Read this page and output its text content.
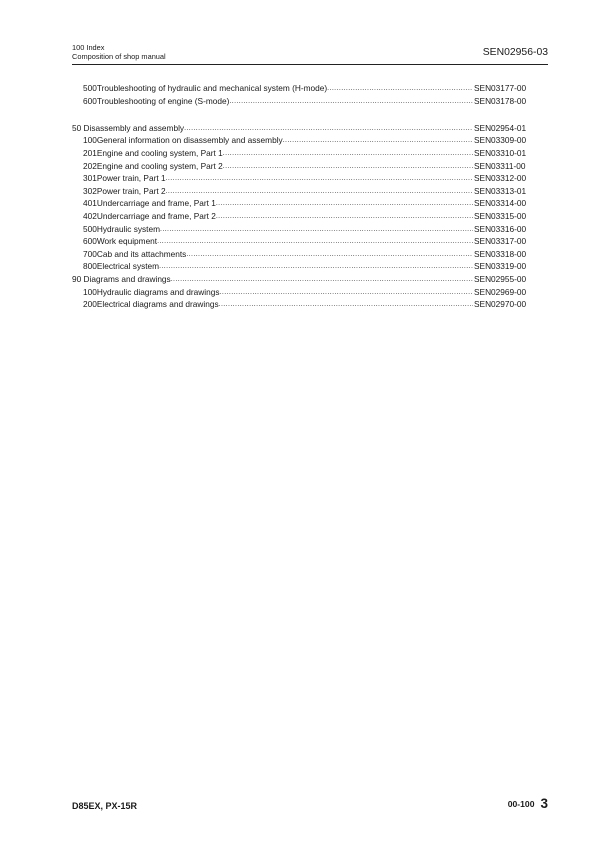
100 Index
Composition of shop manual	SEN02956-03
500 Troubleshooting of hydraulic and mechanical system (H-mode) .....	SEN03177-00
600 Troubleshooting of engine (S-mode) .....	SEN03178-00
50 Disassembly and assembly .....	SEN02954-01
100 General information on disassembly and assembly .....	SEN03309-00
201 Engine and cooling system, Part 1 .....	SEN03310-01
202 Engine and cooling system, Part 2 .....	SEN03311-00
301 Power train, Part 1 .....	SEN03312-00
302 Power train, Part 2 .....	SEN03313-01
401 Undercarriage and frame, Part 1 .....	SEN03314-00
402 Undercarriage and frame, Part 2 .....	SEN03315-00
500 Hydraulic system .....	SEN03316-00
600 Work equipment .....	SEN03317-00
700 Cab and its attachments .....	SEN03318-00
800 Electrical system .....	SEN03319-00
90 Diagrams and drawings .....	SEN02955-00
100 Hydraulic diagrams and drawings .....	SEN02969-00
200 Electrical diagrams and drawings .....	SEN02970-00
D85EX, PX-15R	00-100 3
